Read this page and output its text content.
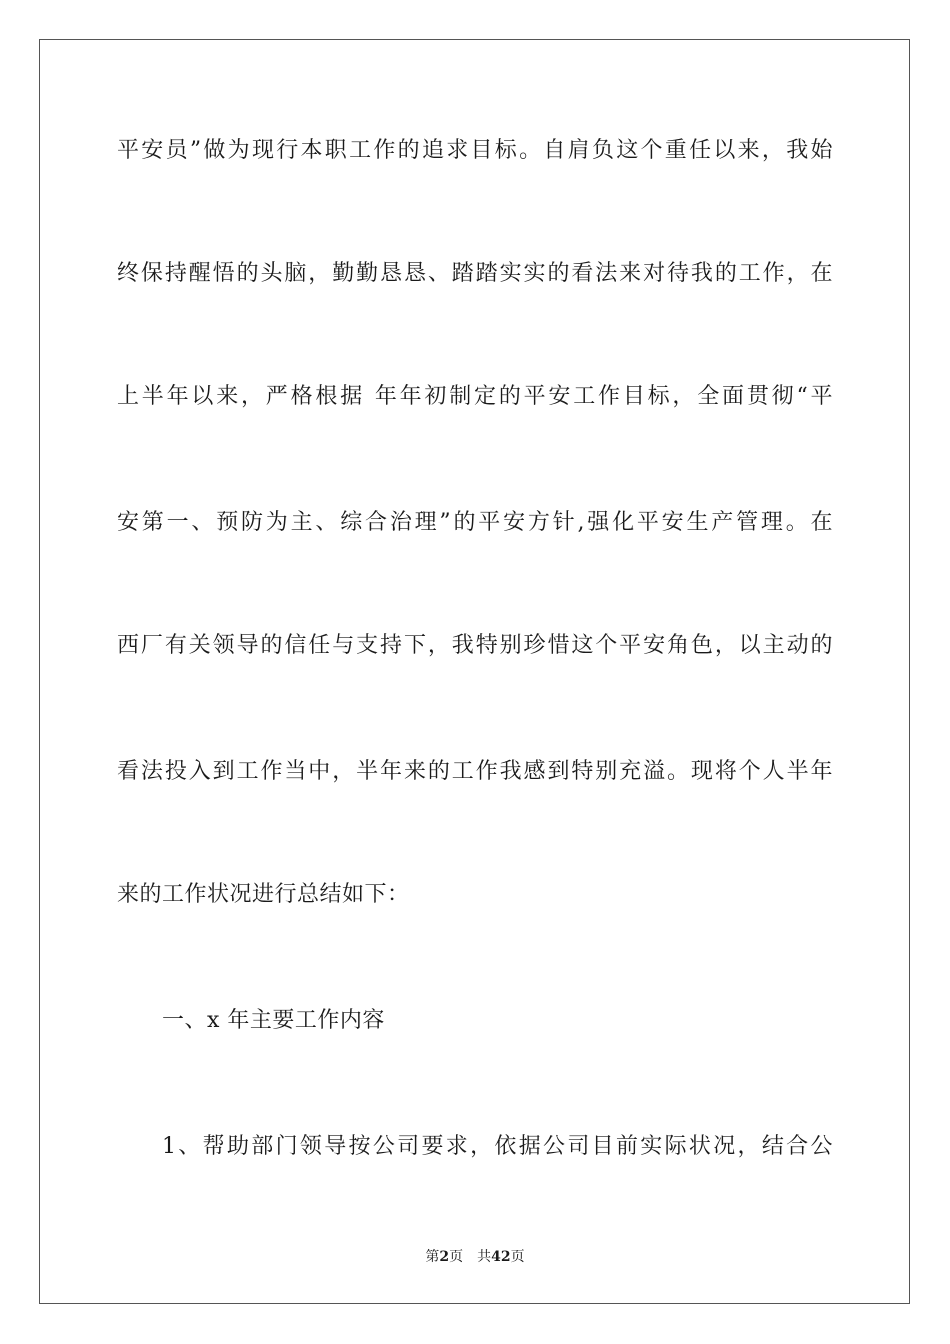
平安员”做为现行本职工作的追求目标。自肩负这个重任以来，我始
终保持醒悟的头脑，勤勤恳恳、踏踏实实的看法来对待我的工作，在
上半年以来，严格根据 年年初制定的平安工作目标，全面贯彻“平
安第一、预防为主、综合治理”的平安方针,强化平安生产管理。在
西厂有关领导的信任与支持下，我特别珍惜这个平安角色，以主动的
看法投入到工作当中，半年来的工作我感到特别充溢。现将个人半年
来的工作状况进行总结如下：
一、x 年主要工作内容
1、帮助部门领导按公司要求，依据公司目前实际状况，结合公
第2页 共42页
